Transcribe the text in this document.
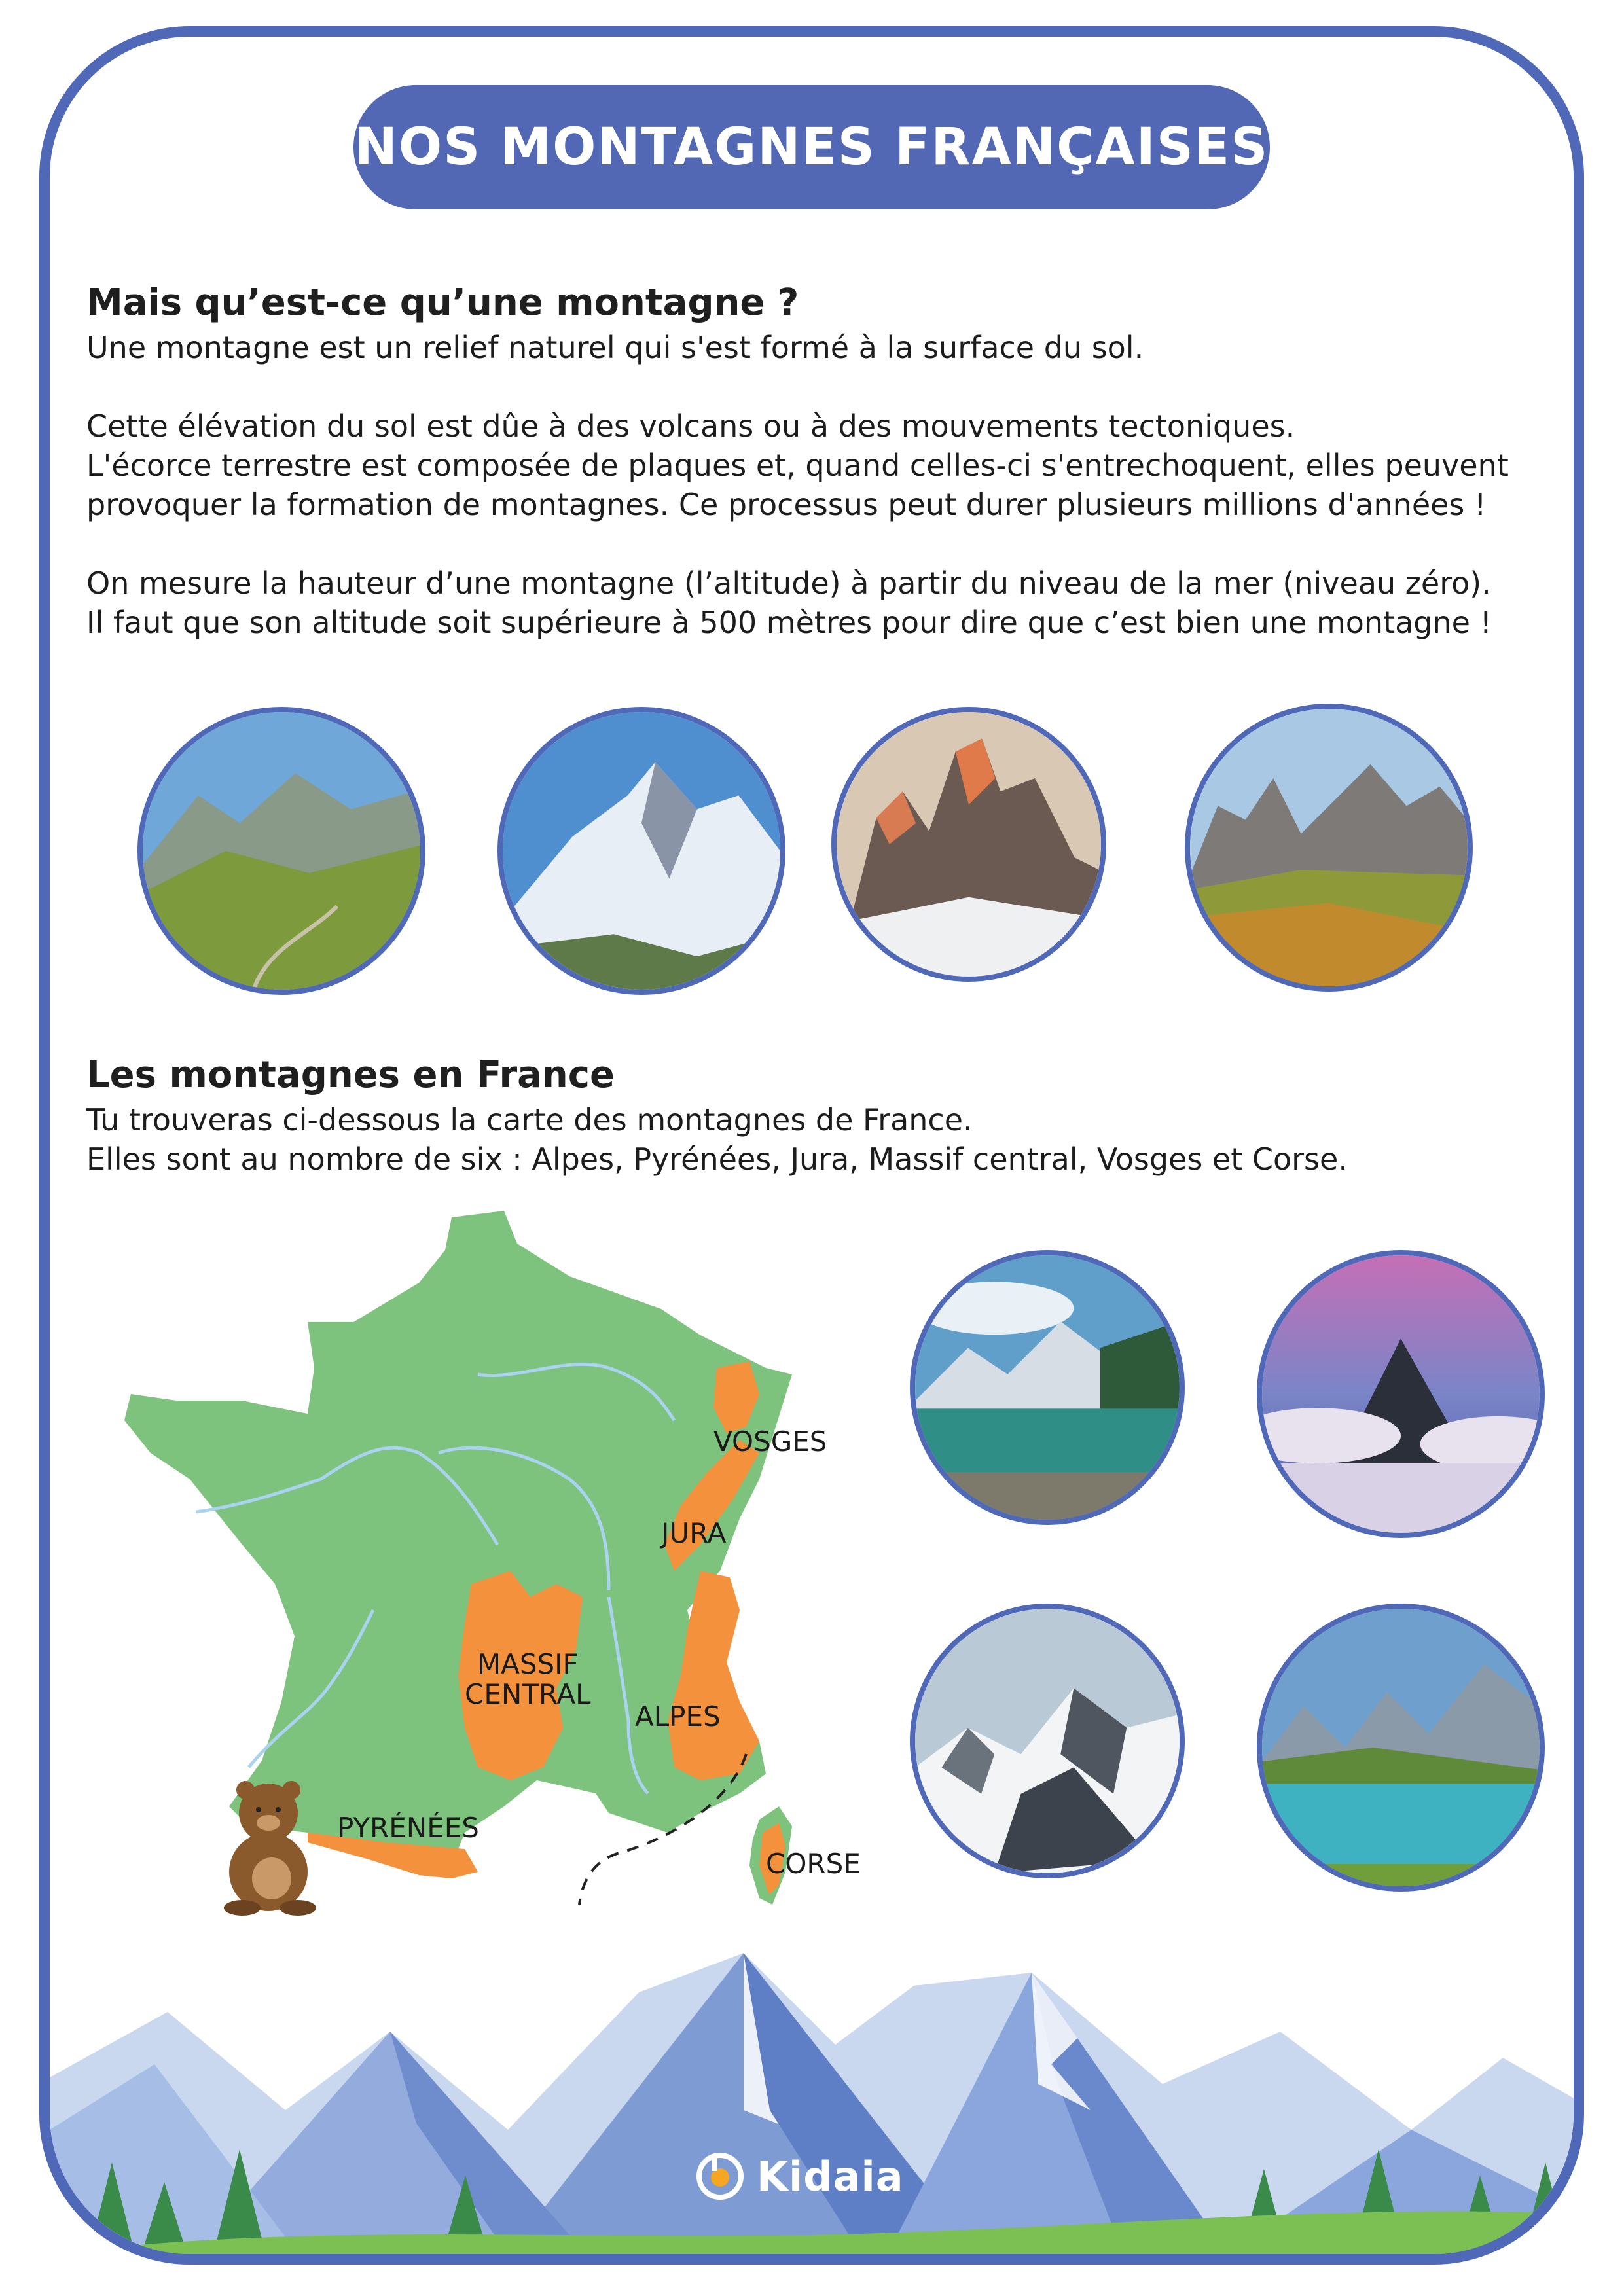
NOS MONTAGNES FRANÇAISES

Mais qu’est-ce qu’une montagne ?

Une montagne est un relief naturel qui s'est formé à la surface du sol.

Cette élévation du sol est dûe à des volcans ou à des mouvements tectoniques.

L'écorce terrestre est composée de plaques et, quand celles-ci s'entrechoquent, elles peuvent

provoquer la formation de montagnes. Ce processus peut durer plusieurs millions d'années !

On mesure la hauteur d’une montagne (l’altitude) à partir du niveau de la mer (niveau zéro).

Il faut que son altitude soit supérieure à 500 mètres pour dire que c’est bien une montagne !

Les montagnes en France

Tu trouveras ci-dessous la carte des montagnes de France.

Elles sont au nombre de six : Alpes, Pyrénées, Jura, Massif central, Vosges et Corse.

VOSGES
JURA
MASSIF
CENTRAL
ALPES
PYRÉNÉES
CORSE
Kidaia
